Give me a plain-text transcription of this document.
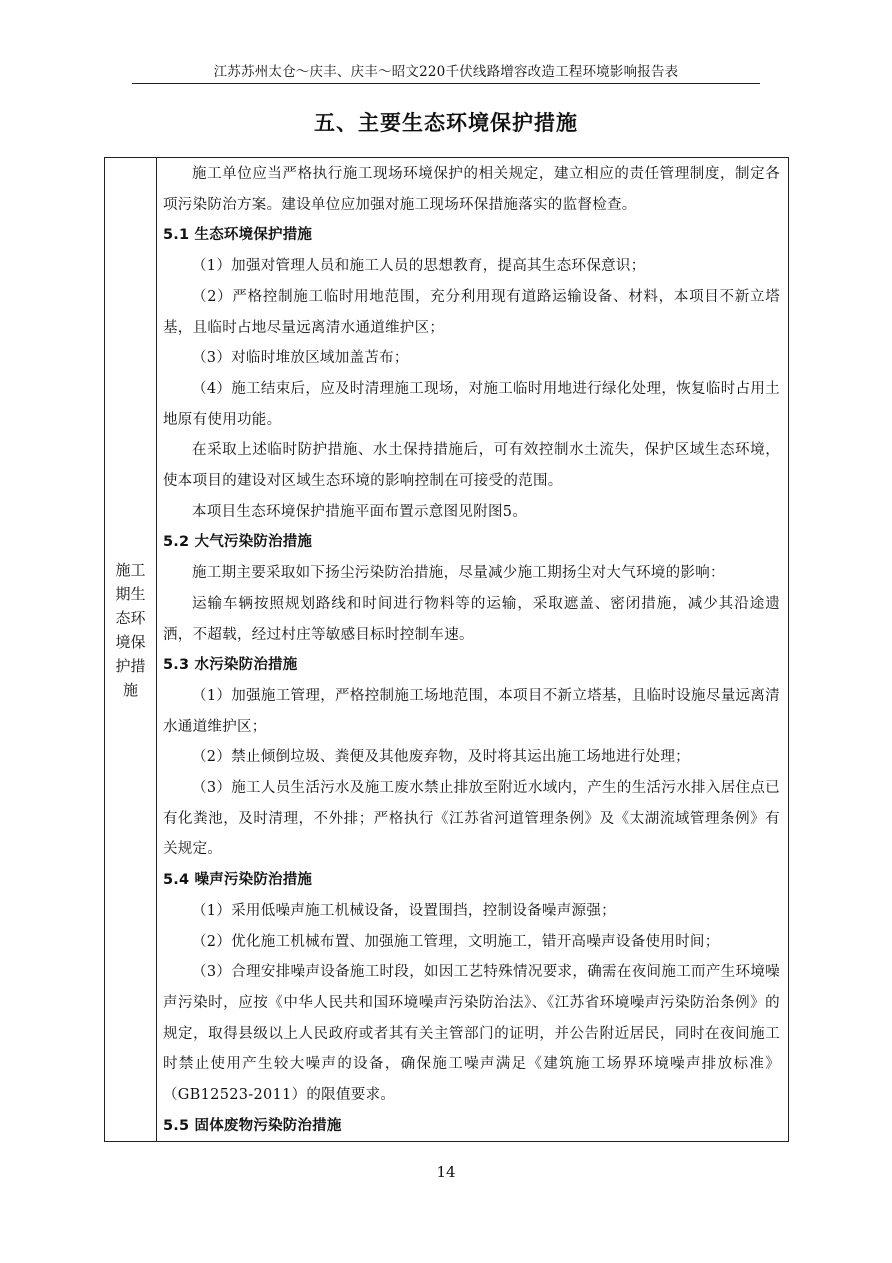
江苏苏州太仓～庆丰、庆丰～昭文220千伏线路增容改造工程环境影响报告表
五、主要生态环境保护措施
施工期生态环境保护措施

施工单位应当严格执行施工现场环境保护的相关规定，建立相应的责任管理制度，制定各项污染防治方案。建设单位应加强对施工现场环保措施落实的监督检查。

5.1 生态环境保护措施

（1）加强对管理人员和施工人员的思想教育，提高其生态环保意识；

（2）严格控制施工临时用地范围，充分利用现有道路运输设备、材料，本项目不新立塔基，且临时占地尽量远离清水通道维护区；

（3）对临时堆放区域加盖苫布；

（4）施工结束后，应及时清理施工现场，对施工临时用地进行绿化处理，恢复临时占用土地原有使用功能。

在采取上述临时防护措施、水土保持措施后，可有效控制水土流失，保护区域生态环境，使本项目的建设对区域生态环境的影响控制在可接受的范围。

本项目生态环境保护措施平面布置示意图见附图5。

5.2 大气污染防治措施

施工期主要采取如下扬尘污染防治措施，尽量减少施工期扬尘对大气环境的影响：

运输车辆按照规划路线和时间进行物料等的运输，采取遮盖、密闭措施，减少其沿途遗洒，不超载，经过村庄等敏感目标时控制车速。

5.3 水污染防治措施

（1）加强施工管理，严格控制施工场地范围，本项目不新立塔基，且临时设施尽量远离清水通道维护区；

（2）禁止倾倒垃圾、粪便及其他废弃物，及时将其运出施工场地进行处理；

（3）施工人员生活污水及施工废水禁止排放至附近水域内，产生的生活污水排入居住点已有化粪池，及时清理，不外排；严格执行《江苏省河道管理条例》及《太湖流域管理条例》有关规定。

5.4 噪声污染防治措施

（1）采用低噪声施工机械设备，设置围挡，控制设备噪声源强；

（2）优化施工机械布置、加强施工管理，文明施工，错开高噪声设备使用时间；

（3）合理安排噪声设备施工时段，如因工艺特殊情况要求，确需在夜间施工而产生环境噪声污染时，应按《中华人民共和国环境噪声污染防治法》、《江苏省环境噪声污染防治条例》的规定，取得县级以上人民政府或者其有关主管部门的证明，并公告附近居民，同时在夜间施工时禁止使用产生较大噪声的设备，确保施工噪声满足《建筑施工场界环境噪声排放标准》（GB12523-2011）的限值要求。

5.5 固体废物污染防治措施

14
